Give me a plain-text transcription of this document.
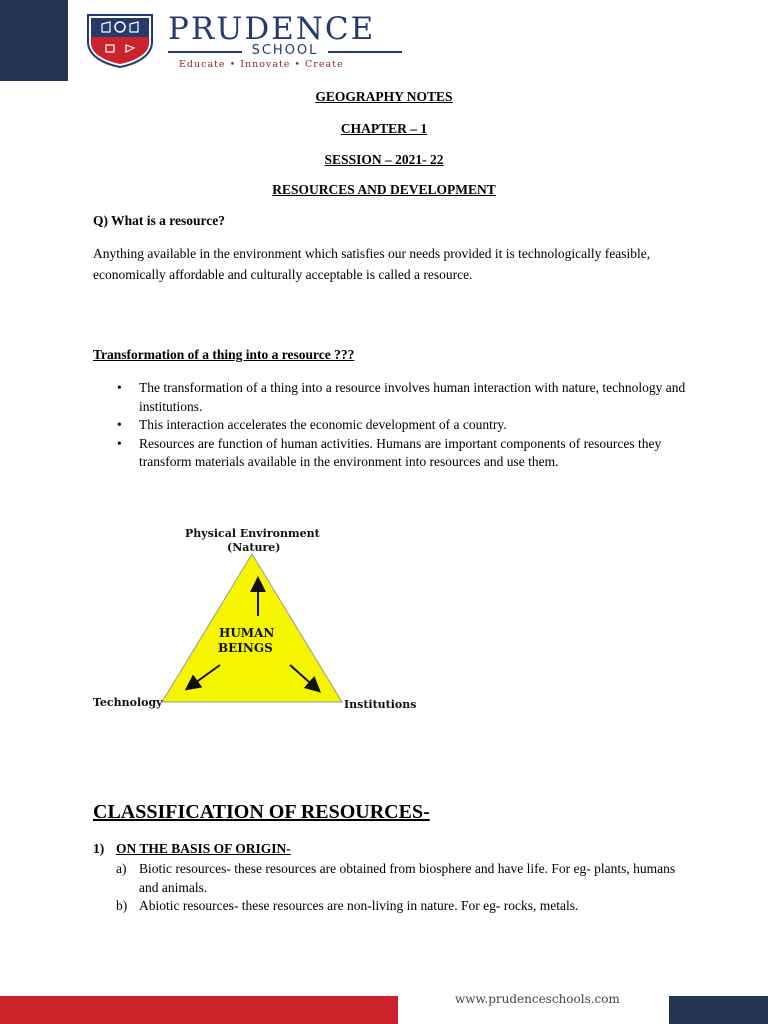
PRUDENCE
SCHOOL
Educate • Innovate • Create
GEOGRAPHY NOTES
CHAPTER – 1
SESSION – 2021- 22
RESOURCES AND DEVELOPMENT
Q) What is a resource?
Anything available in the environment which satisfies our needs provided it is technologically feasible, economically affordable and culturally acceptable is called a resource.
Transformation of a thing into a resource ???
• The transformation of a thing into a resource involves human interaction with nature, technology and institutions.
• This interaction accelerates the economic development of a country.
• Resources are function of human activities. Humans are important components of resources they transform materials available in the environment into resources and use them.
Physical Environment
(Nature)
HUMAN
BEINGS
Technology	Institutions
CLASSIFICATION OF RESOURCES-
1) ON THE BASIS OF ORIGIN-
a) Biotic resources- these resources are obtained from biosphere and have life. For eg- plants, humans and animals.
b) Abiotic resources- these resources are non-living in nature. For eg- rocks, metals.
www.prudenceschools.com
